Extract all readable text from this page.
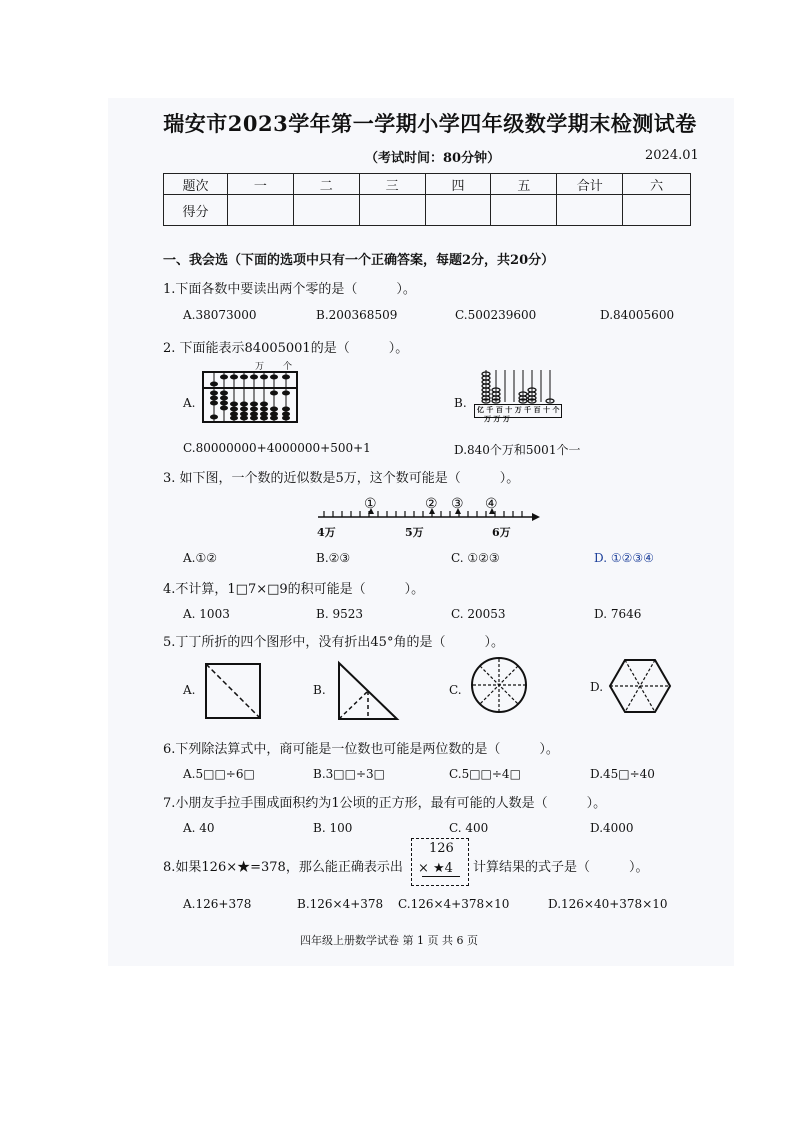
瑞安市2023学年第一学期小学四年级数学期末检测试卷
（考试时间：80分钟）	2024.01
题次	一	二	三	四	五	合计	六
得分							
一、我会选（下面的选项中只有一个正确答案，每题2分，共20分）
1.下面各数中要读出两个零的是（　　　）。
A.38073000	B.200368509	C.500239600	D.84005600
2. 下面能表示84005001的是（　　　）。
万 个
A.	B. 亿 千 百 十 万 千 百 十 个
万 万 万
C.80000000+4000000+500+1	D.840个万和5001个一
3. 如下图，一个数的近似数是5万，这个数可能是（　　　）。
①	② ③ ④
4万	5万	6万
A.①②	B.②③	C. ①②③	D. ①②③④
4.不计算，1□7×□9的积可能是（　　　）。
A. 1003	B. 9523	C. 20053	D. 7646
5.丁丁所折的四个图形中，没有折出45°角的是（　　　）。
A.	B.	C.	D.
6.下列除法算式中，商可能是一位数也可能是两位数的是（　　　）。
A.5□□÷6□	B.3□□÷3□	C.5□□÷4□	D.45□÷40
7.小朋友手拉手围成面积约为1公顷的正方形，最有可能的人数是（　　　）。
A. 40	B. 100	C. 400	D.4000
8.如果126×★=378，那么能正确表示出
126
× ★4 计算结果的式子是（　　　）。
A.126+378	B.126×4+378 C.126×4+378×10	D.126×40+378×10
四年级上册数学试卷 第 1 页 共 6 页
